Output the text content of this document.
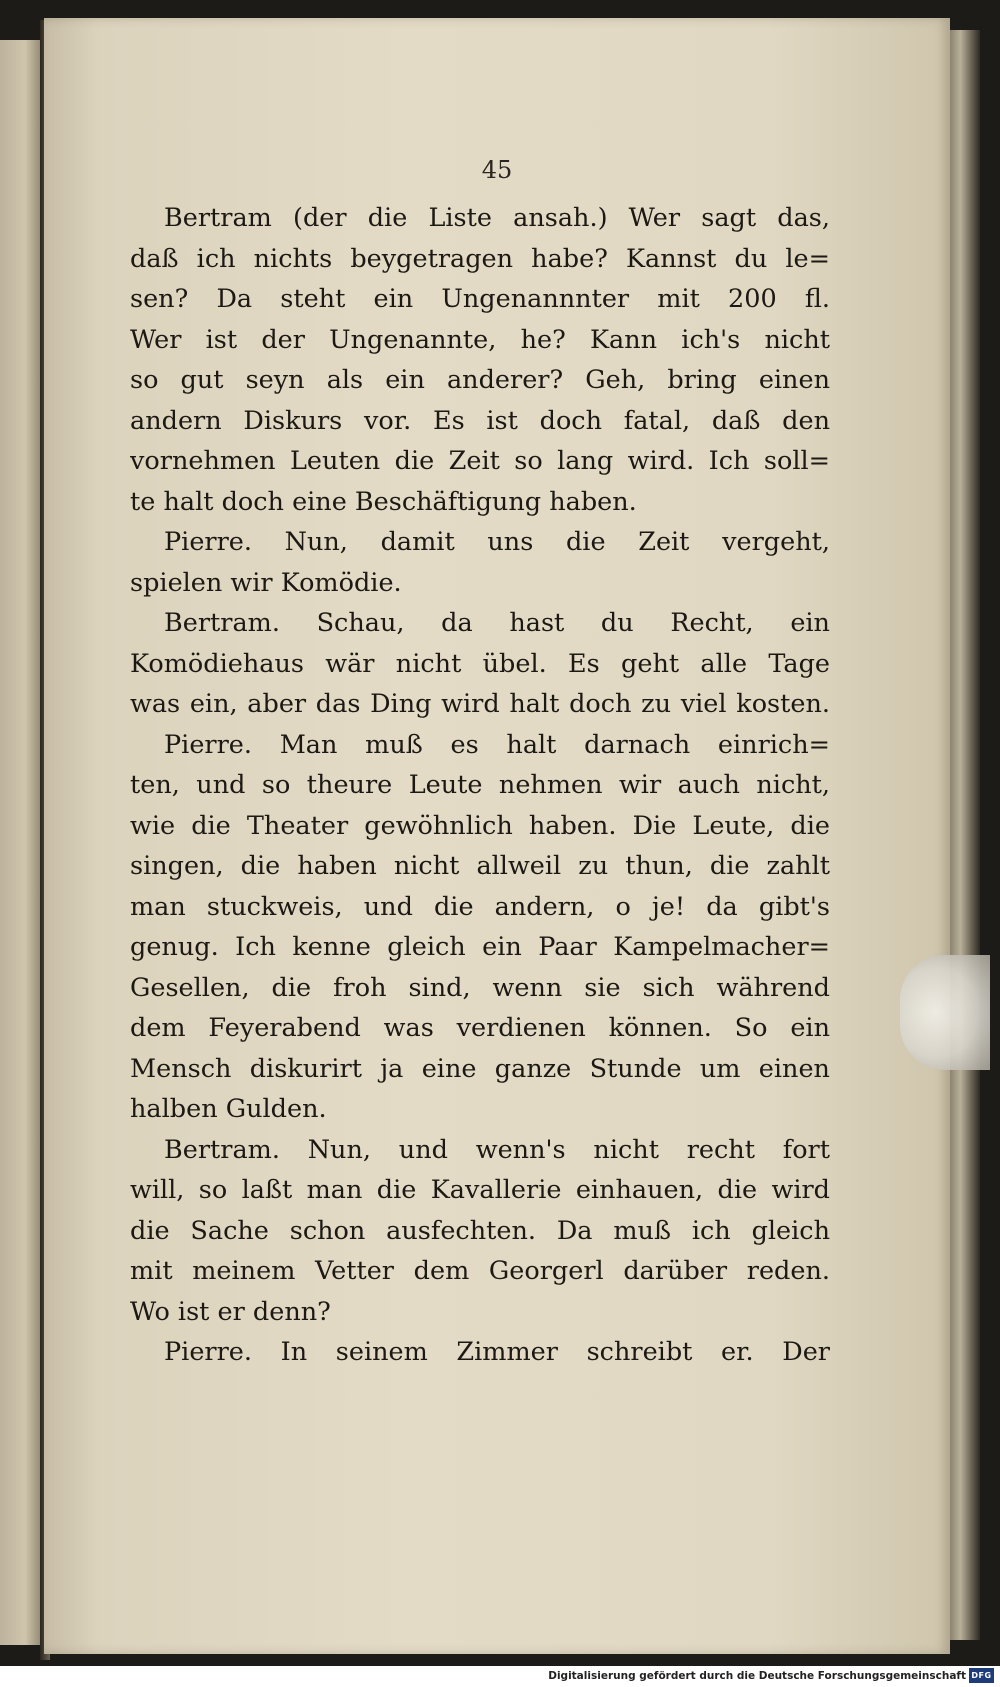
45
Bertram (der die Liste ansah.) Wer sagt das,
daß ich nichts beygetragen habe? Kannst du le=
sen? Da steht ein Ungenannnter mit 200 fl.
Wer ist der Ungenannte, he? Kann ich's nicht
so gut seyn als ein anderer? Geh, bring einen
andern Diskurs vor. Es ist doch fatal, daß den
vornehmen Leuten die Zeit so lang wird. Ich soll=
te halt doch eine Beschäftigung haben.
Pierre. Nun, damit uns die Zeit vergeht,
spielen wir Komödie.
Bertram. Schau, da hast du Recht, ein
Komödiehaus wär nicht übel. Es geht alle Tage
was ein, aber das Ding wird halt doch zu viel kosten.
Pierre. Man muß es halt darnach einrich=
ten, und so theure Leute nehmen wir auch nicht,
wie die Theater gewöhnlich haben. Die Leute, die
singen, die haben nicht allweil zu thun, die zahlt
man stuckweis, und die andern, o je! da gibt's
genug. Ich kenne gleich ein Paar Kampelmacher=
Gesellen, die froh sind, wenn sie sich während
dem Feyerabend was verdienen können. So ein
Mensch diskurirt ja eine ganze Stunde um einen
halben Gulden.
Bertram. Nun, und wenn's nicht recht fort
will, so laßt man die Kavallerie einhauen, die wird
die Sache schon ausfechten. Da muß ich gleich
mit meinem Vetter dem Georgerl darüber reden.
Wo ist er denn?
Pierre. In seinem Zimmer schreibt er. Der
Digitalisierung gefördert durch die Deutsche Forschungsgemeinschaft DFG
